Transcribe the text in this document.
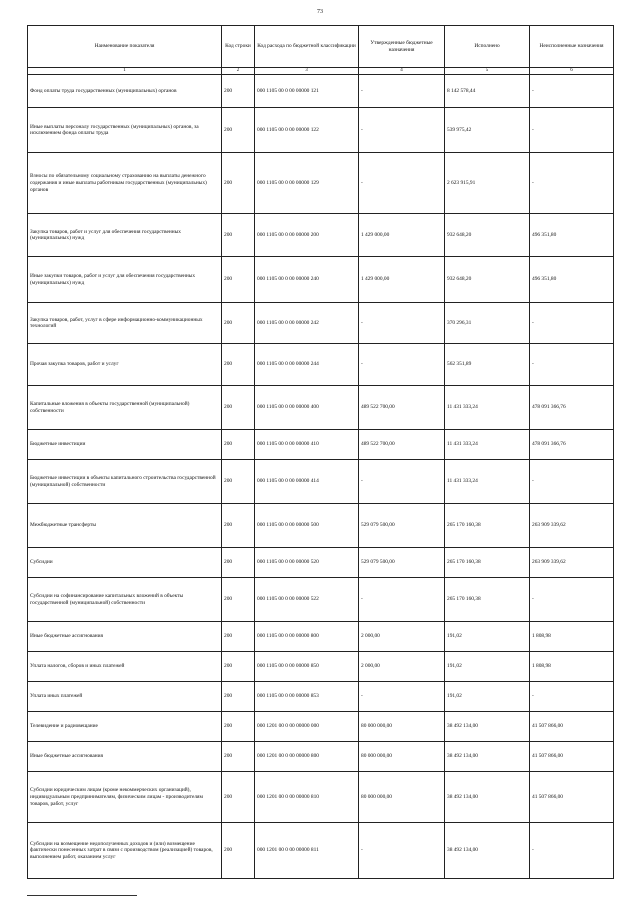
73
Наименование показателя	Код строки	Код расхода по бюджетной классификации	Утвержденные бюджетные назначения	Исполнено	Неисполненные назначения
1	2	3	4	5	6
Фонд оплаты труда государственных (муниципальных) органов	200	000 1105 00 0 00 00000 121	-	8 142 578,44	-
Иные выплаты персоналу государственных (муниципальных) органов, за исключением фонда оплаты труда	200	000 1105 00 0 00 00000 122	-	539 975,42	-
Взносы по обязательному социальному страхованию на выплаты денежного содержания и иные выплаты работникам государственных (муниципальных) органов	200	000 1105 00 0 00 00000 129	-	2 623 915,91	-
Закупка товаров, работ и услуг для обеспечения государственных (муниципальных) нужд	200	000 1105 00 0 00 00000 200	1 429 000,00	932 648,20	496 351,80
Иные закупки товаров, работ и услуг для обеспечения государственных (муниципальных) нужд	200	000 1105 00 0 00 00000 240	1 429 000,00	932 648,20	496 351,80
Закупка товаров, работ, услуг в сфере информационно-коммуникационных технологий	200	000 1105 00 0 00 00000 242	-	370 296,31	-
Прочая закупка товаров, работ и услуг	200	000 1105 00 0 00 00000 244	-	562 351,89	-
Капитальные вложения в объекты государственной (муниципальной) собственности	200	000 1105 00 0 00 00000 400	489 522 700,00	11 431 333,24	478 091 366,76
Бюджетные инвестиции	200	000 1105 00 0 00 00000 410	489 522 700,00	11 431 333,24	478 091 366,76
Бюджетные инвестиции в объекты капитального строительства государственной (муниципальной) собственности	200	000 1105 00 0 00 00000 414	-	11 431 333,24	-
Межбюджетные трансферты	200	000 1105 00 0 00 00000 500	529 079 500,00	265 170 160,38	263 909 339,62
Субсидии	200	000 1105 00 0 00 00000 520	529 079 500,00	265 170 160,38	263 909 339,62
Субсидии на софинансирование капитальных вложений в объекты государственной (муниципальной) собственности	200	000 1105 00 0 00 00000 522	-	265 170 160,38	-
Иные бюджетные ассигнования	200	000 1105 00 0 00 00000 800	2 000,00	191,02	1 808,98
Уплата налогов, сборов и иных платежей	200	000 1105 00 0 00 00000 850	2 000,00	191,02	1 808,98
Уплата иных платежей	200	000 1105 00 0 00 00000 853	-	191,02	-
Телевидение и радиовещание	200	000 1201 00 0 00 00000 000	80 000 000,00	38 492 134,00	41 507 866,00
Иные бюджетные ассигнования	200	000 1201 00 0 00 00000 800	80 000 000,00	38 492 134,00	41 507 866,00
Субсидии юридическим лицам (кроме некоммерческих организаций), индивидуальным предпринимателям, физическим лицам - производителям товаров, работ, услуг	200	000 1201 00 0 00 00000 810	80 000 000,00	38 492 134,00	41 507 866,00
Субсидии на возмещение недополученных доходов и (или) возмещение фактически понесенных затрат в связи с производством (реализацией) товаров, выполнением работ, оказанием услуг	200	000 1201 00 0 00 00000 811	-	38 492 134,00	-
